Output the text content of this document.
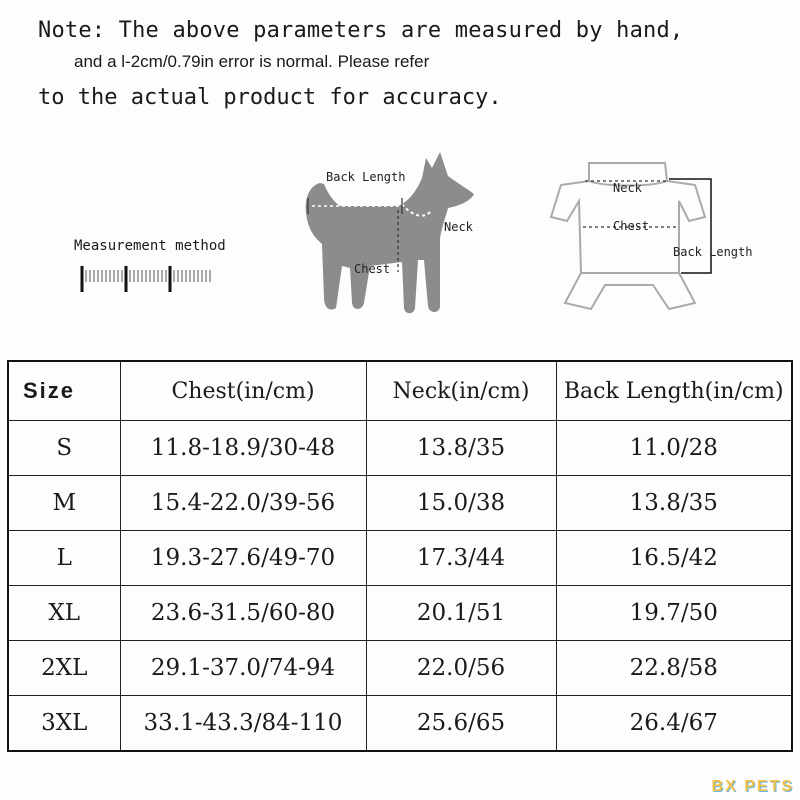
Note: The above parameters are measured by hand,
and a l-2cm/0.79in error is normal. Please refer
to the actual product for accuracy.
Measurement method
Back Length
Neck
Chest
Neck
Chest
Back Length
Size	Chest(in/cm)	Neck(in/cm)	Back Length(in/cm)
S	11.8-18.9/30-48	13.8/35	11.0/28
M	15.4-22.0/39-56	15.0/38	13.8/35
L	19.3-27.6/49-70	17.3/44	16.5/42
XL	23.6-31.5/60-80	20.1/51	19.7/50
2XL	29.1-37.0/74-94	22.0/56	22.8/58
3XL	33.1-43.3/84-110	25.6/65	26.4/67
BX PETS
